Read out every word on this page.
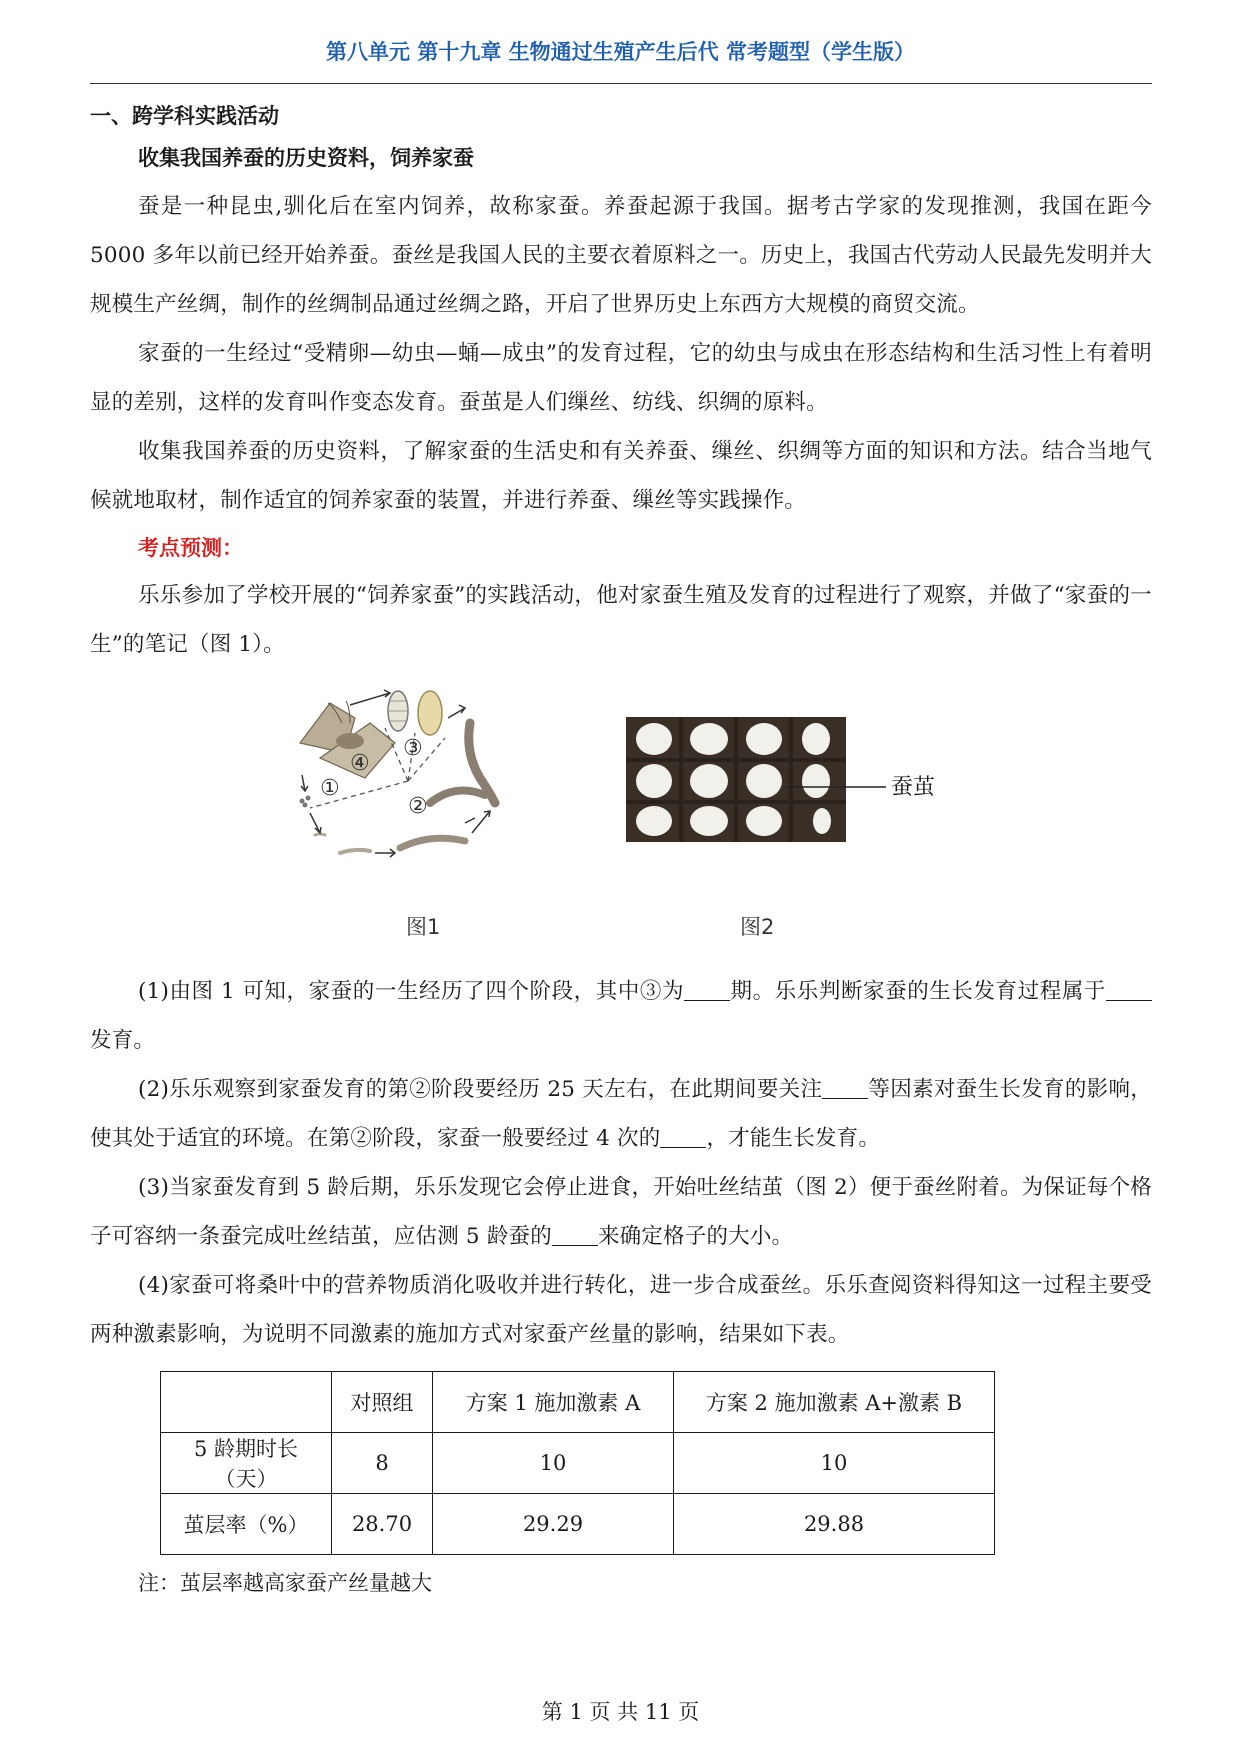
第八单元 第十九章 生物通过生殖产生后代 常考题型（学生版）
一、跨学科实践活动
收集我国养蚕的历史资料，饲养家蚕

蚕是一种昆虫,驯化后在室内饲养，故称家蚕。养蚕起源于我国。据考古学家的发现推测，我国在距今 5000 多年以前已经开始养蚕。蚕丝是我国人民的主要衣着原料之一。历史上，我国古代劳动人民最先发明并大规模生产丝绸，制作的丝绸制品通过丝绸之路，开启了世界历史上东西方大规模的商贸交流。

家蚕的一生经过“受精卵—幼虫—蛹—成虫”的发育过程，它的幼虫与成虫在形态结构和生活习性上有着明显的差别，这样的发育叫作变态发育。蚕茧是人们缫丝、纺线、织绸的原料。

收集我国养蚕的历史资料，了解家蚕的生活史和有关养蚕、缫丝、织绸等方面的知识和方法。结合当地气候就地取材，制作适宜的饲养家蚕的装置，并进行养蚕、缫丝等实践操作。

考点预测：

乐乐参加了学校开展的“饲养家蚕”的实践活动，他对家蚕生殖及发育的过程进行了观察，并做了“家蚕的一生”的笔记（图 1）。

①
②
③
④
蚕茧
图1	图2

(1)由图 1 可知，家蚕的一生经历了四个阶段，其中③为 期。乐乐判断家蚕的生长发育过程属于发育。

(2)乐乐观察到家蚕发育的第②阶段要经历 25 天左右，在此期间要关注 等因素对蚕生长发育的影响，使其处于适宜的环境。在第②阶段，家蚕一般要经过 4 次的 ，才能生长发育。

(3)当家蚕发育到 5 龄后期，乐乐发现它会停止进食，开始吐丝结茧（图 2）便于蚕丝附着。为保证每个格子可容纳一条蚕完成吐丝结茧，应估测 5 龄蚕的 来确定格子的大小。

(4)家蚕可将桑叶中的营养物质消化吸收并进行转化，进一步合成蚕丝。乐乐查阅资料得知这一过程主要受两种激素影响，为说明不同激素的施加方式对家蚕产丝量的影响，结果如下表。

	对照组	方案 1 施加激素 A	方案 2 施加激素 A+激素 B
5 龄期时长（天）	8	10	10
茧层率（%）	28.70	29.29	29.88

注：茧层率越高家蚕产丝量越大

第 1 页 共 11 页
